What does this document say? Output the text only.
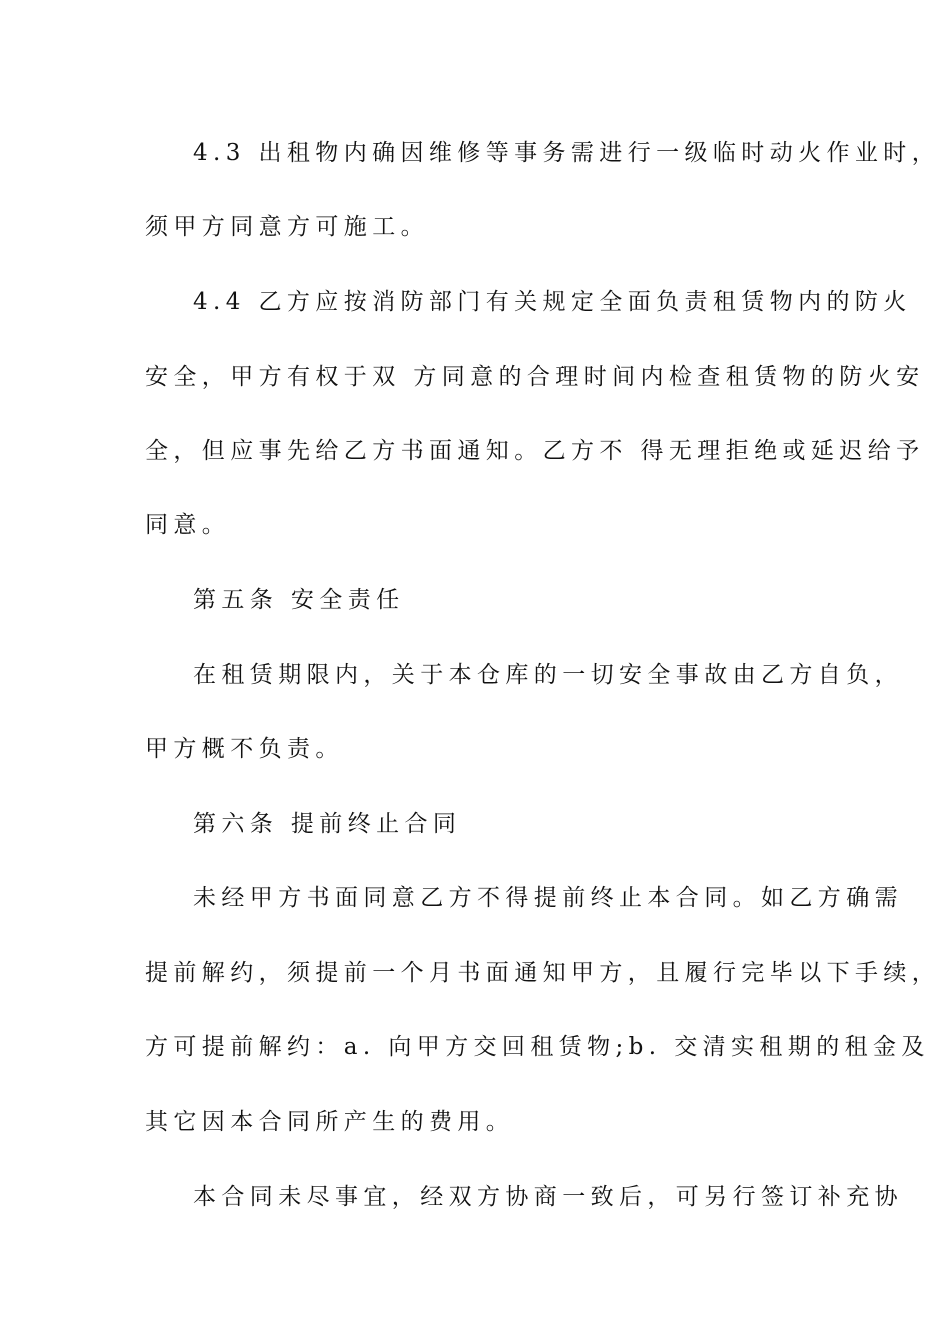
4.3 出租物内确因维修等事务需进行一级临时动火作业时，
须甲方同意方可施工。
4.4 乙方应按消防部门有关规定全面负责租赁物内的防火
安全，甲方有权于双 方同意的合理时间内检查租赁物的防火安
全，但应事先给乙方书面通知。乙方不 得无理拒绝或延迟给予
同意。
第五条 安全责任
在租赁期限内，关于本仓库的一切安全事故由乙方自负，
甲方概不负责。
第六条 提前终止合同
未经甲方书面同意乙方不得提前终止本合同。如乙方确需
提前解约，须提前一个月书面通知甲方，且履行完毕以下手续，
方可提前解约：a. 向甲方交回租赁物;b. 交清实租期的租金及
其它因本合同所产生的费用。
本合同未尽事宜，经双方协商一致后，可另行签订补充协
